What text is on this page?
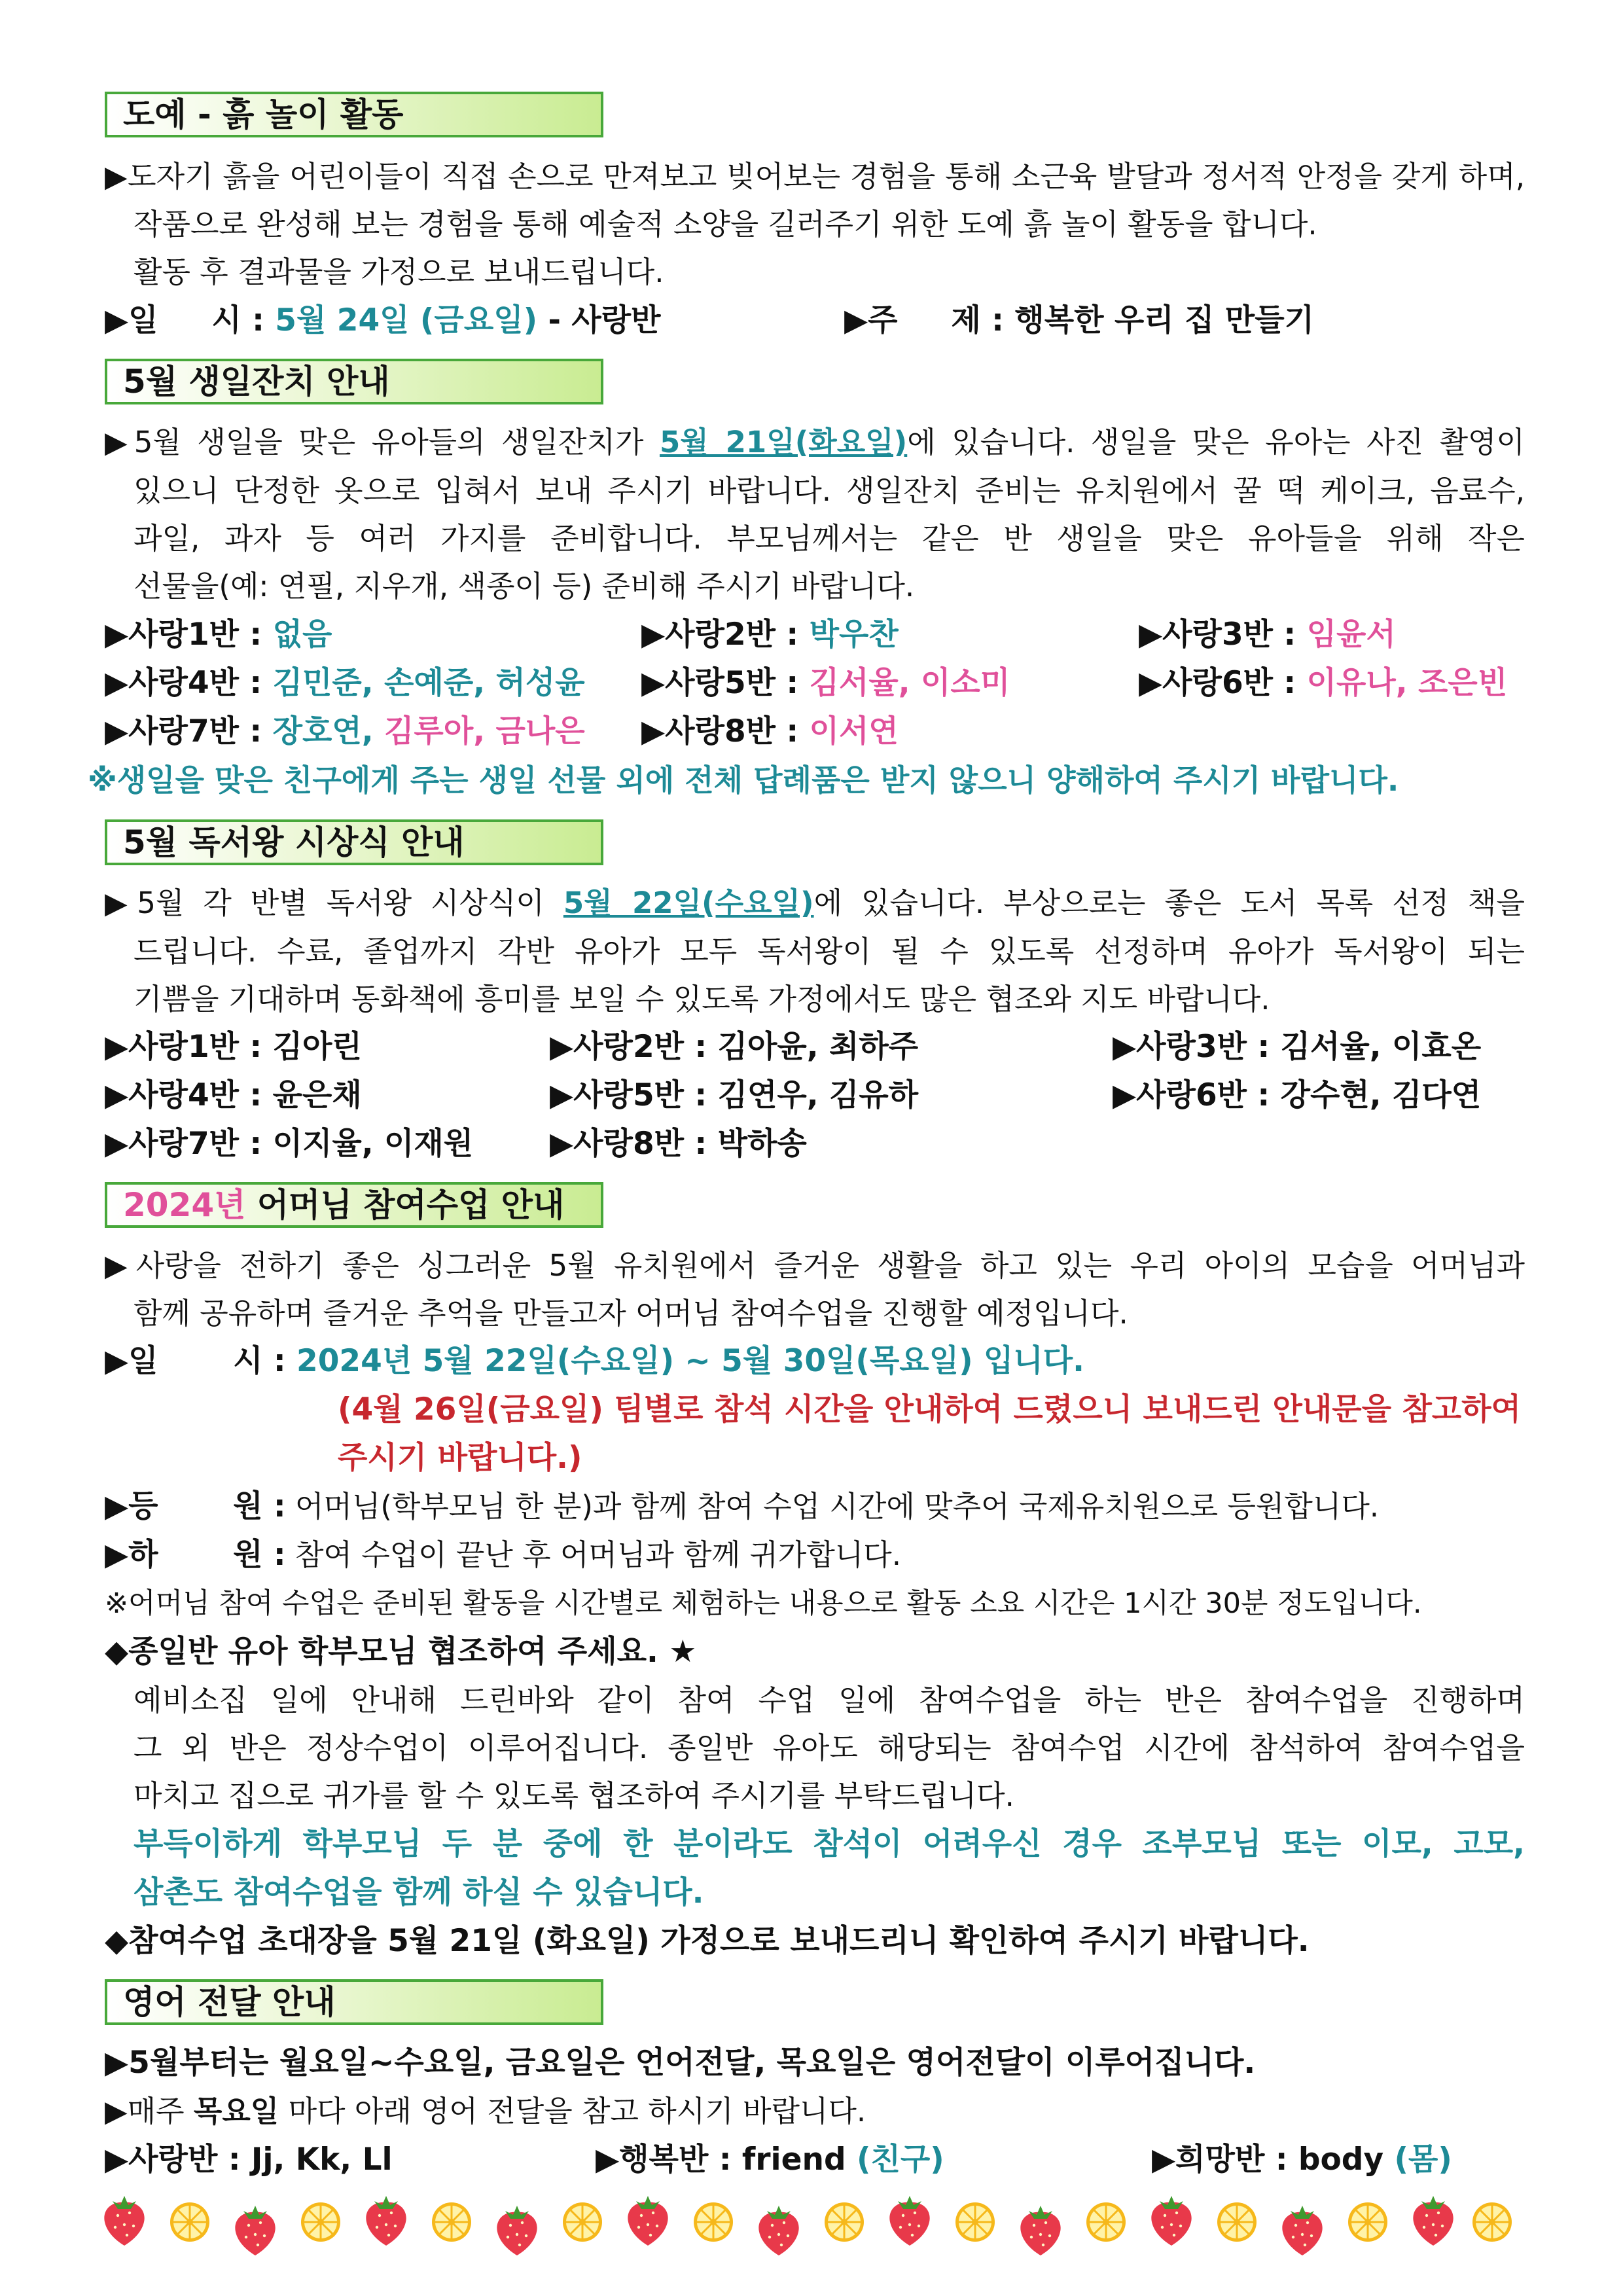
도예 - 흙 놀이 활동
▶도자기 흙을 어린이들이 직접 손으로 만져보고 빚어보는 경험을 통해 소근육 발달과 정서적 안정을 갖게 하며,
작품으로 완성해 보는 경험을 통해 예술적 소양을 길러주기 위한 도예 흙 놀이 활동을 합니다.
활동 후 결과물을 가정으로 보내드립니다.
▶일     시 : 5월 24일 (금요일) - 사랑반	▶주     제 : 행복한 우리 집 만들기
5월 생일잔치 안내
▶5월 생일을 맞은 유아들의 생일잔치가 5월 21일(화요일)에 있습니다. 생일을 맞은 유아는 사진 촬영이
있으니 단정한 옷으로 입혀서 보내 주시기 바랍니다. 생일잔치 준비는 유치원에서 꿀 떡 케이크, 음료수,
과일, 과자 등 여러 가지를 준비합니다. 부모님께서는 같은 반 생일을 맞은 유아들을 위해 작은
선물을(예: 연필, 지우개, 색종이 등) 준비해 주시기 바랍니다.
▶사랑1반 : 없음	▶사랑2반 : 박우찬	▶사랑3반 : 임윤서
▶사랑4반 : 김민준, 손예준, 허성윤 ▶사랑5반 : 김서율, 이소미	▶사랑6반 : 이유나, 조은빈
▶사랑7반 : 장호연, 김루아, 금나은 ▶사랑8반 : 이서연
※생일을 맞은 친구에게 주는 생일 선물 외에 전체 답례품은 받지 않으니 양해하여 주시기 바랍니다.
5월 독서왕 시상식 안내
▶5월 각 반별 독서왕 시상식이 5월 22일(수요일)에 있습니다. 부상으로는 좋은 도서 목록 선정 책을
드립니다. 수료, 졸업까지 각반 유아가 모두 독서왕이 될 수 있도록 선정하며 유아가 독서왕이 되는
기쁨을 기대하며 동화책에 흥미를 보일 수 있도록 가정에서도 많은 협조와 지도 바랍니다.
▶사랑1반 : 김아린	▶사랑2반 : 김아윤, 최하주	▶사랑3반 : 김서율, 이효온
▶사랑4반 : 윤은채	▶사랑5반 : 김연우, 김유하	▶사랑6반 : 강수현, 김다연
▶사랑7반 : 이지율, 이재원 ▶사랑8반 : 박하송
2024년 어머님 참여수업 안내
▶사랑을 전하기 좋은 싱그러운 5월 유치원에서 즐거운 생활을 하고 있는 우리 아이의 모습을 어머님과
함께 공유하며 즐거운 추억을 만들고자 어머님 참여수업을 진행할 예정입니다.
▶일       시 : 2024년 5월 22일(수요일) ~ 5월 30일(목요일) 입니다.
(4월 26일(금요일) 팀별로 참석 시간을 안내하여 드렸으니 보내드린 안내문을 참고하여
주시기 바랍니다.)
▶등       원 : 어머님(학부모님 한 분)과 함께 참여 수업 시간에 맞추어 국제유치원으로 등원합니다.
▶하       원 : 참여 수업이 끝난 후 어머님과 함께 귀가합니다.
※어머님 참여 수업은 준비된 활동을 시간별로 체험하는 내용으로 활동 소요 시간은 1시간 30분 정도입니다.
◆종일반 유아 학부모님 협조하여 주세요. ★
예비소집 일에 안내해 드린바와 같이 참여 수업 일에 참여수업을 하는 반은 참여수업을 진행하며
그 외 반은 정상수업이 이루어집니다. 종일반 유아도 해당되는 참여수업 시간에 참석하여 참여수업을
마치고 집으로 귀가를 할 수 있도록 협조하여 주시기를 부탁드립니다.
부득이하게 학부모님 두 분 중에 한 분이라도 참석이 어려우신 경우 조부모님 또는 이모, 고모,
삼촌도 참여수업을 함께 하실 수 있습니다.
◆참여수업 초대장을 5월 21일 (화요일) 가정으로 보내드리니 확인하여 주시기 바랍니다.
영어 전달 안내
▶5월부터는 월요일~수요일, 금요일은 언어전달, 목요일은 영어전달이 이루어집니다.
▶매주 목요일 마다 아래 영어 전달을 참고 하시기 바랍니다.
▶사랑반 : Jj, Kk, Ll	▶행복반 : friend (친구)	▶희망반 : body (몸)
